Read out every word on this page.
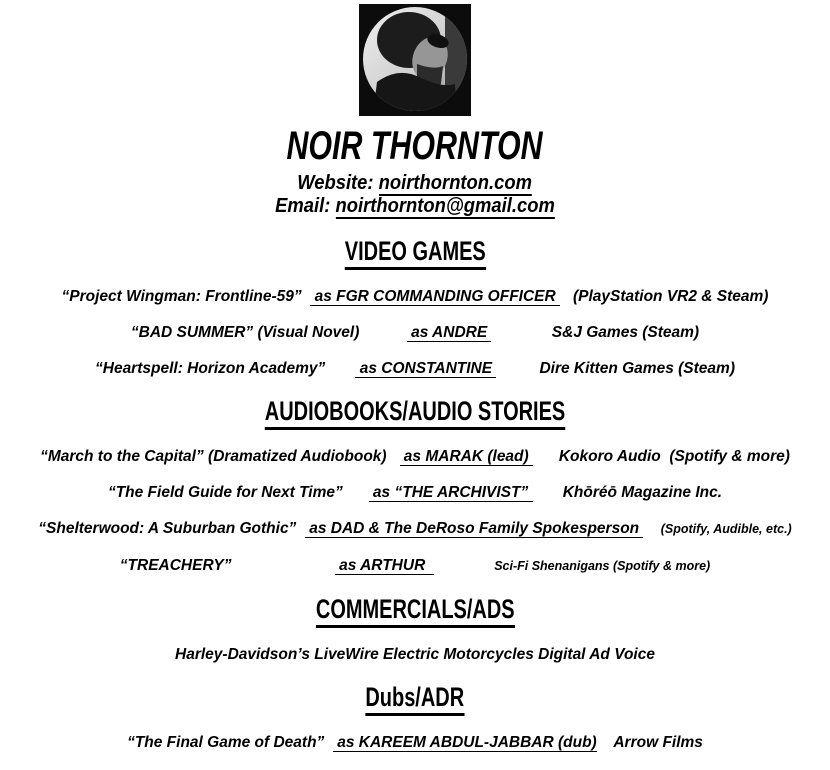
NOIR THORNTON
Website: noirthornton.com
Email: noirthornton@gmail.com
VIDEO GAMES
“Project Wingman: Frontline-59”   as FGR COMMANDING OFFICER    (PlayStation VR2 & Steam)
“BAD SUMMER” (Visual Novel)	as ANDRE	S&J Games (Steam)
“Heartspell: Horizon Academy”        as CONSTANTINE	Dire Kitten Games (Steam)
AUDIOBOOKS/AUDIO STORIES
“March to the Capital” (Dramatized Audiobook)    as MARAK (lead)       Kokoro Audio  (Spotify & more)
“The Field Guide for Next Time”       as “THE ARCHIVIST”        Khōréō Magazine Inc.
“Shelterwood: A Suburban Gothic”   as DAD & The DeRoso Family Spokesperson     (Spotify, Audible, etc.)
“TREACHERY”	as ARTHUR	Sci-Fi Shenanigans (Spotify & more)
COMMERCIALS/ADS
Harley-Davidson’s LiveWire Electric Motorcycles Digital Ad Voice
Dubs/ADR
“The Final Game of Death”   as KAREEM ABDUL-JABBAR (dub) Arrow Films
